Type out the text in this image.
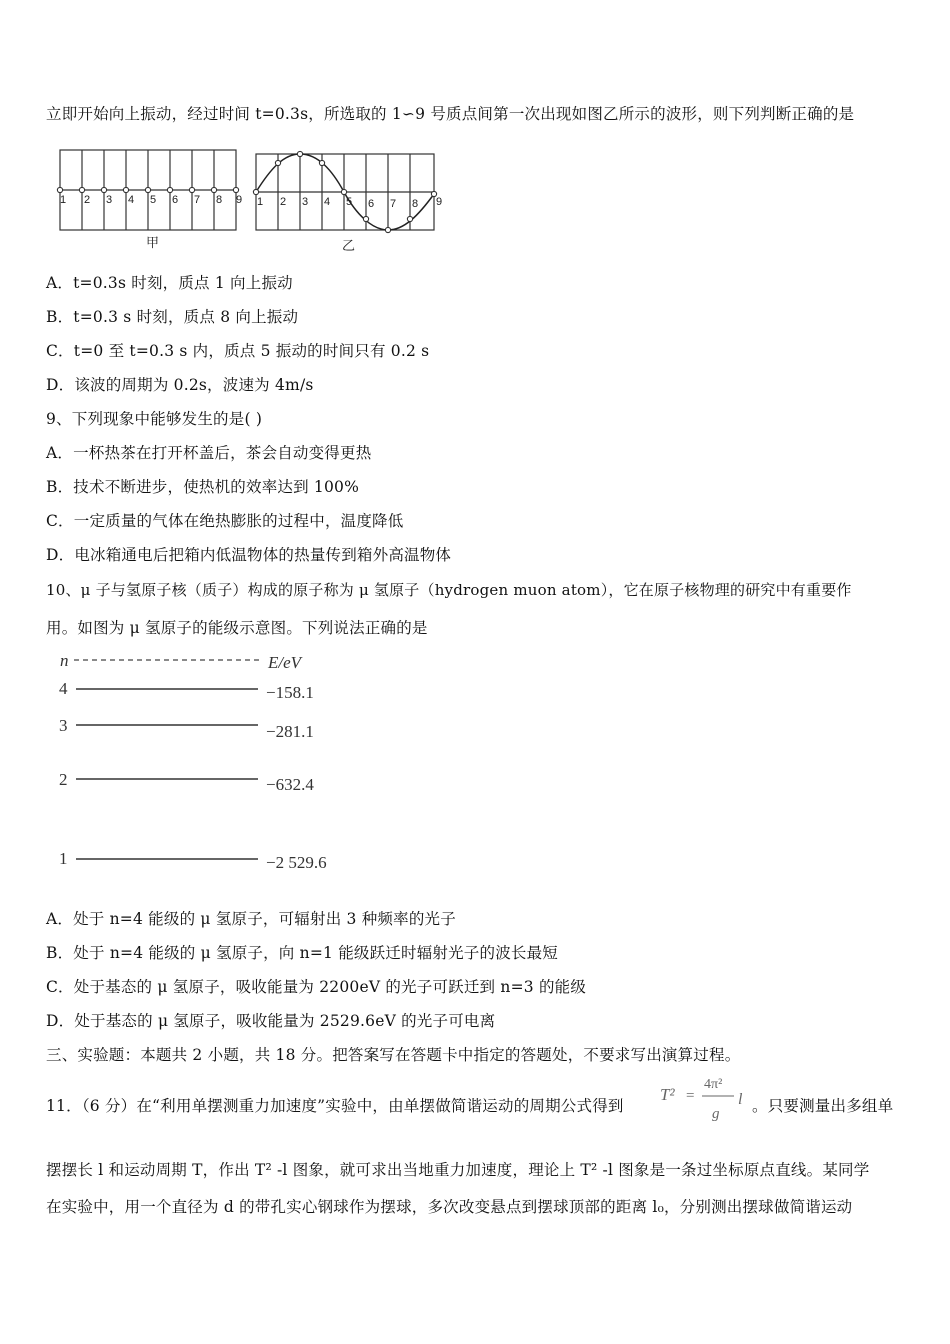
立即开始向上振动，经过时间 t=0.3s，所选取的 1∽9 号质点间第一次出现如图乙所示的波形，则下列判断正确的是
1 2 3 4 5 6 7 8 9
甲
1 2 3 4 5 6 7 8 9
乙
A．t=0.3s 时刻，质点 1 向上振动
B．t=0.3 s 时刻，质点 8 向上振动
C．t=0 至 t=0.3 s 内，质点 5 振动的时间只有 0.2 s
D．该波的周期为 0.2s，波速为 4m/s
9、下列现象中能够发生的是( )
A．一杯热茶在打开杯盖后，茶会自动变得更热
B．技术不断进步，使热机的效率达到 100%
C．一定质量的气体在绝热膨胀的过程中，温度降低
D．电冰箱通电后把箱内低温物体的热量传到箱外高温物体
10、μ 子与氢原子核（质子）构成的原子称为 μ 氢原子（hydrogen muon atom），它在原子核物理的研究中有重要作
用。如图为 μ 氢原子的能级示意图。下列说法正确的是
n	E/eV
4
3
2
1
−158.1
−281.1
−632.4
−2 529.6
A．处于 n=4 能级的 μ 氢原子，可辐射出 3 种频率的光子
B．处于 n=4 能级的 μ 氢原子，向 n=1 能级跃迁时辐射光子的波长最短
C．处于基态的 μ 氢原子，吸收能量为 2200eV 的光子可跃迁到 n=3 的能级
D．处于基态的 μ 氢原子，吸收能量为 2529.6eV 的光子可电离
三、实验题：本题共 2 小题，共 18 分。把答案写在答题卡中指定的答题处，不要求写出演算过程。
11．（6 分）在“利用单摆测重力加速度”实验中，由单摆做简谐运动的周期公式得到
T² =
4π²
g
l 。只要测量出多组单
摆摆长 l 和运动周期 T，作出 T² -l 图象，就可求出当地重力加速度，理论上 T² -l 图象是一条过坐标原点直线。某同学
在实验中，用一个直径为 d 的带孔实心钢球作为摆球，多次改变悬点到摆球顶部的距离 l₀，分别测出摆球做简谐运动
